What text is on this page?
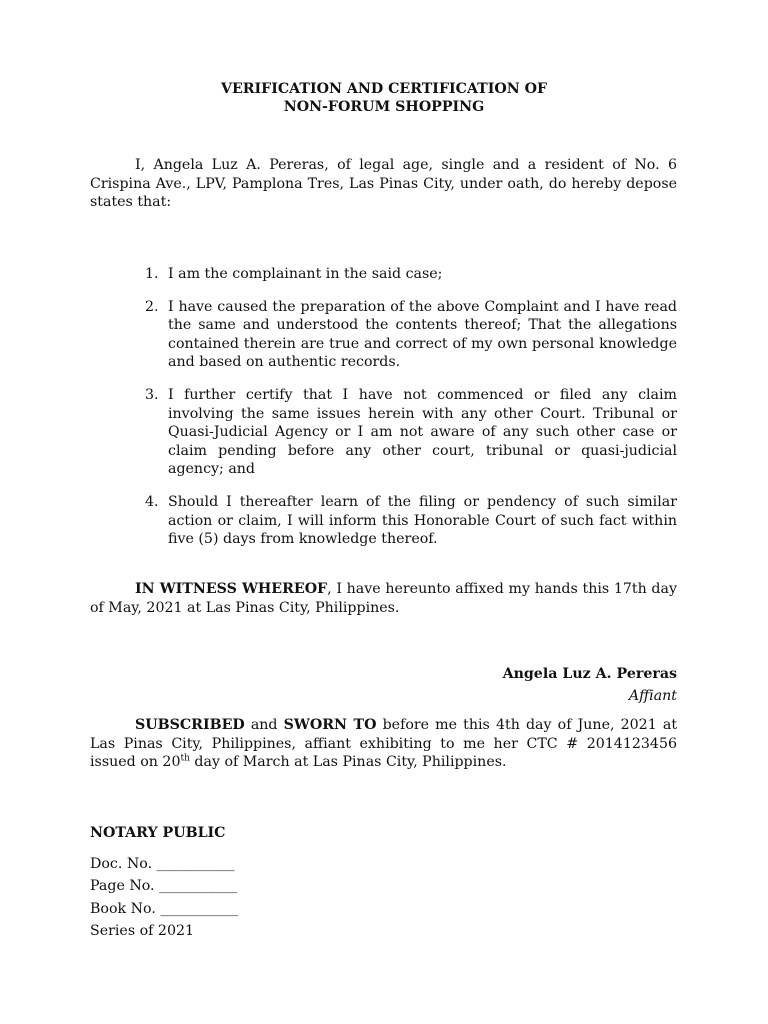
VERIFICATION AND CERTIFICATION OF
NON-FORUM SHOPPING

I, Angela Luz A. Pereras, of legal age, single and a resident of No. 6 Crispina Ave., LPV, Pamplona Tres, Las Pinas City, under oath, do hereby depose states that:

1. I am the complainant in the said case;
2. I have caused the preparation of the above Complaint and I have read the same and understood the contents thereof; That the allegations contained therein are true and correct of my own personal knowledge and based on authentic records.
3. I further certify that I have not commenced or filed any claim involving the same issues herein with any other Court. Tribunal or Quasi-Judicial Agency or I am not aware of any such other case or claim pending before any other court, tribunal or quasi-judicial agency; and
4. Should I thereafter learn of the filing or pendency of such similar action or claim, I will inform this Honorable Court of such fact within five (5) days from knowledge thereof.

IN WITNESS WHEREOF, I have hereunto affixed my hands this 17th day of May, 2021 at Las Pinas City, Philippines.

Angela Luz A. Pereras
Affiant

SUBSCRIBED and SWORN TO before me this 4th day of June, 2021 at Las Pinas City, Philippines, affiant exhibiting to me her CTC # 2014123456 issued on 20th day of March at Las Pinas City, Philippines.

NOTARY PUBLIC
Doc. No. ___________
Page No. ___________
Book No. ___________
Series of 2021
